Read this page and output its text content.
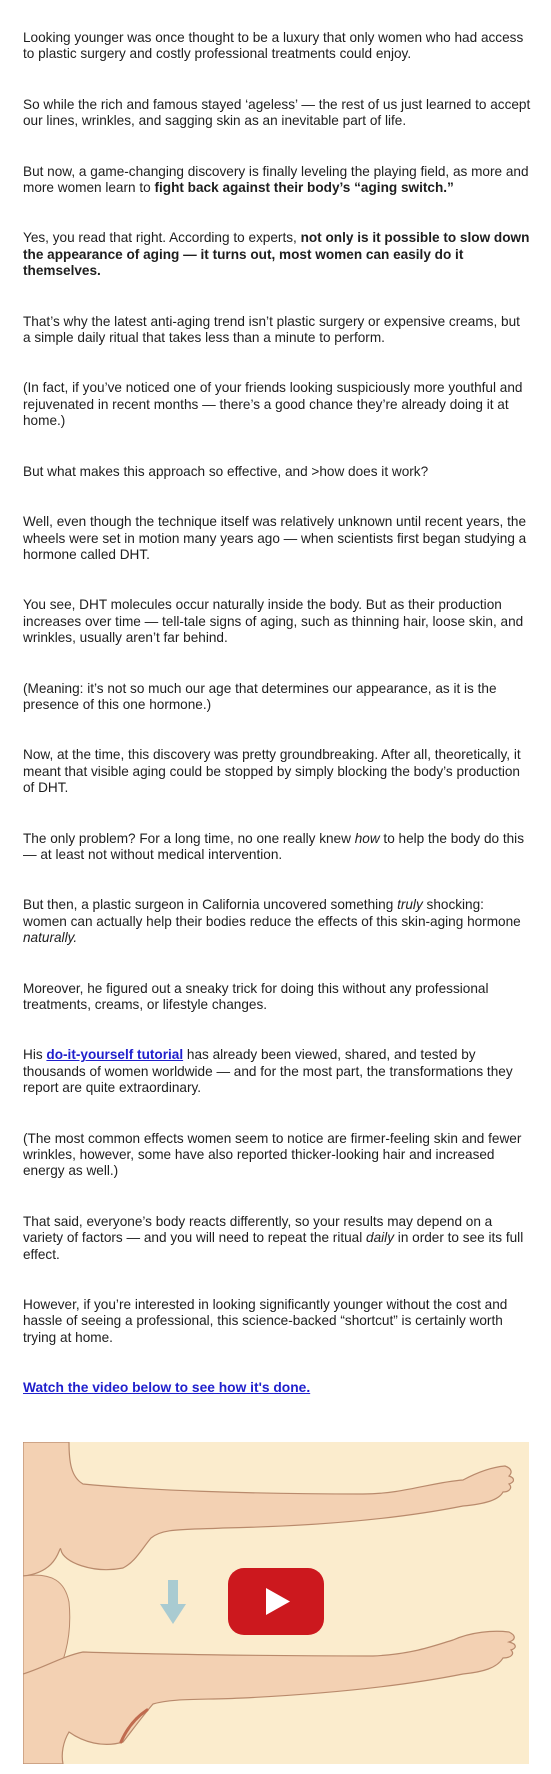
Looking younger was once thought to be a luxury that only women who had access to plastic surgery and costly professional treatments could enjoy.

So while the rich and famous stayed ‘ageless’ — the rest of us just learned to accept our lines, wrinkles, and sagging skin as an inevitable part of life.

But now, a game-changing discovery is finally leveling the playing field, as more and more women learn to fight back against their body’s “aging switch.”

Yes, you read that right. According to experts, not only is it possible to slow down the appearance of aging — it turns out, most women can easily do it themselves.

That’s why the latest anti-aging trend isn’t plastic surgery or expensive creams, but a simple daily ritual that takes less than a minute to perform.

(In fact, if you’ve noticed one of your friends looking suspiciously more youthful and rejuvenated in recent months — there’s a good chance they’re already doing it at home.)

But what makes this approach so effective, and >how does it work?

Well, even though the technique itself was relatively unknown until recent years, the wheels were set in motion many years ago — when scientists first began studying a hormone called DHT.

You see, DHT molecules occur naturally inside the body. But as their production increases over time — tell-tale signs of aging, such as thinning hair, loose skin, and wrinkles, usually aren’t far behind.

(Meaning: it’s not so much our age that determines our appearance, as it is the presence of this one hormone.)

Now, at the time, this discovery was pretty groundbreaking. After all, theoretically, it meant that visible aging could be stopped by simply blocking the body’s production of DHT.

The only problem? For a long time, no one really knew how to help the body do this — at least not without medical intervention.

But then, a plastic surgeon in California uncovered something truly shocking: women can actually help their bodies reduce the effects of this skin-aging hormone naturally.

Moreover, he figured out a sneaky trick for doing this without any professional treatments, creams, or lifestyle changes.

His do-it-yourself tutorial has already been viewed, shared, and tested by thousands of women worldwide — and for the most part, the transformations they report are quite extraordinary.

(The most common effects women seem to notice are firmer-feeling skin and fewer wrinkles, however, some have also reported thicker-looking hair and increased energy as well.)

That said, everyone’s body reacts differently, so your results may depend on a variety of factors — and you will need to repeat the ritual daily in order to see its full effect.

However, if you’re interested in looking significantly younger without the cost and hassle of seeing a professional, this science-backed “shortcut” is certainly worth trying at home.

Watch the video below to see how it's done.
